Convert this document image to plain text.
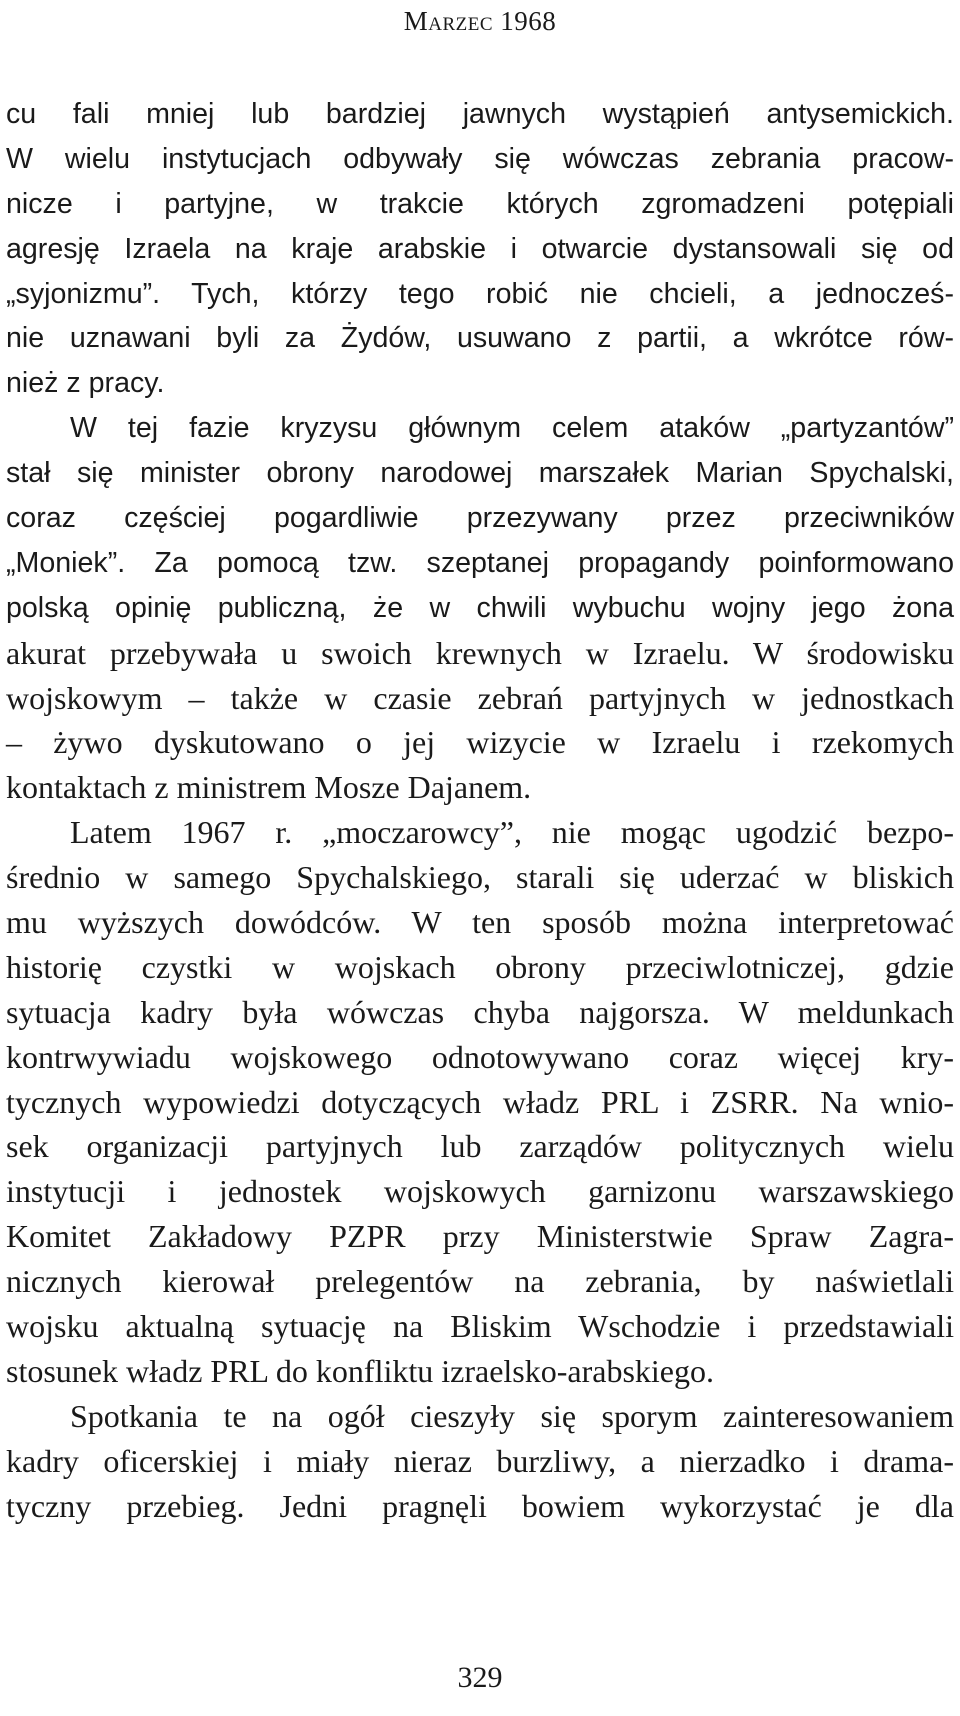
Marzec 1968
cu fali mniej lub bardziej jawnych wystąpień antysemickich.
W wielu instytucjach odbywały się wówczas zebrania pracow-
nicze i partyjne, w trakcie których zgromadzeni potępiali
agresję Izraela na kraje arabskie i otwarcie dystansowali się od
„syjonizmu”. Tych, którzy tego robić nie chcieli, a jednocześ-
nie uznawani byli za Żydów, usuwano z partii, a wkrótce rów-
nież z pracy.
W tej fazie kryzysu głównym celem ataków „partyzantów”
stał się minister obrony narodowej marszałek Marian Spychalski,
coraz częściej pogardliwie przezywany przez przeciwników
„Moniek”. Za pomocą tzw. szeptanej propagandy poinformowano
polską opinię publiczną, że w chwili wybuchu wojny jego żona
akurat przebywała u swoich krewnych w Izraelu. W środowisku
wojskowym – także w czasie zebrań partyjnych w jednostkach
– żywo dyskutowano o jej wizycie w Izraelu i rzekomych
kontaktach z ministrem Mosze Dajanem.
Latem 1967 r. „moczarowcy”, nie mogąc ugodzić bezpo-
średnio w samego Spychalskiego, starali się uderzać w bliskich
mu wyższych dowódców. W ten sposób można interpretować
historię czystki w wojskach obrony przeciwlotniczej, gdzie
sytuacja kadry była wówczas chyba najgorsza. W meldunkach
kontrwywiadu wojskowego odnotowywano coraz więcej kry-
tycznych wypowiedzi dotyczących władz PRL i ZSRR. Na wnio-
sek organizacji partyjnych lub zarządów politycznych wielu
instytucji i jednostek wojskowych garnizonu warszawskiego
Komitet Zakładowy PZPR przy Ministerstwie Spraw Zagra-
nicznych kierował prelegentów na zebrania, by naświetlali
wojsku aktualną sytuację na Bliskim Wschodzie i przedstawiali
stosunek władz PRL do konfliktu izraelsko-arabskiego.
Spotkania te na ogół cieszyły się sporym zainteresowaniem
kadry oficerskiej i miały nieraz burzliwy, a nierzadko i drama-
tyczny przebieg. Jedni pragnęli bowiem wykorzystać je dla
329
